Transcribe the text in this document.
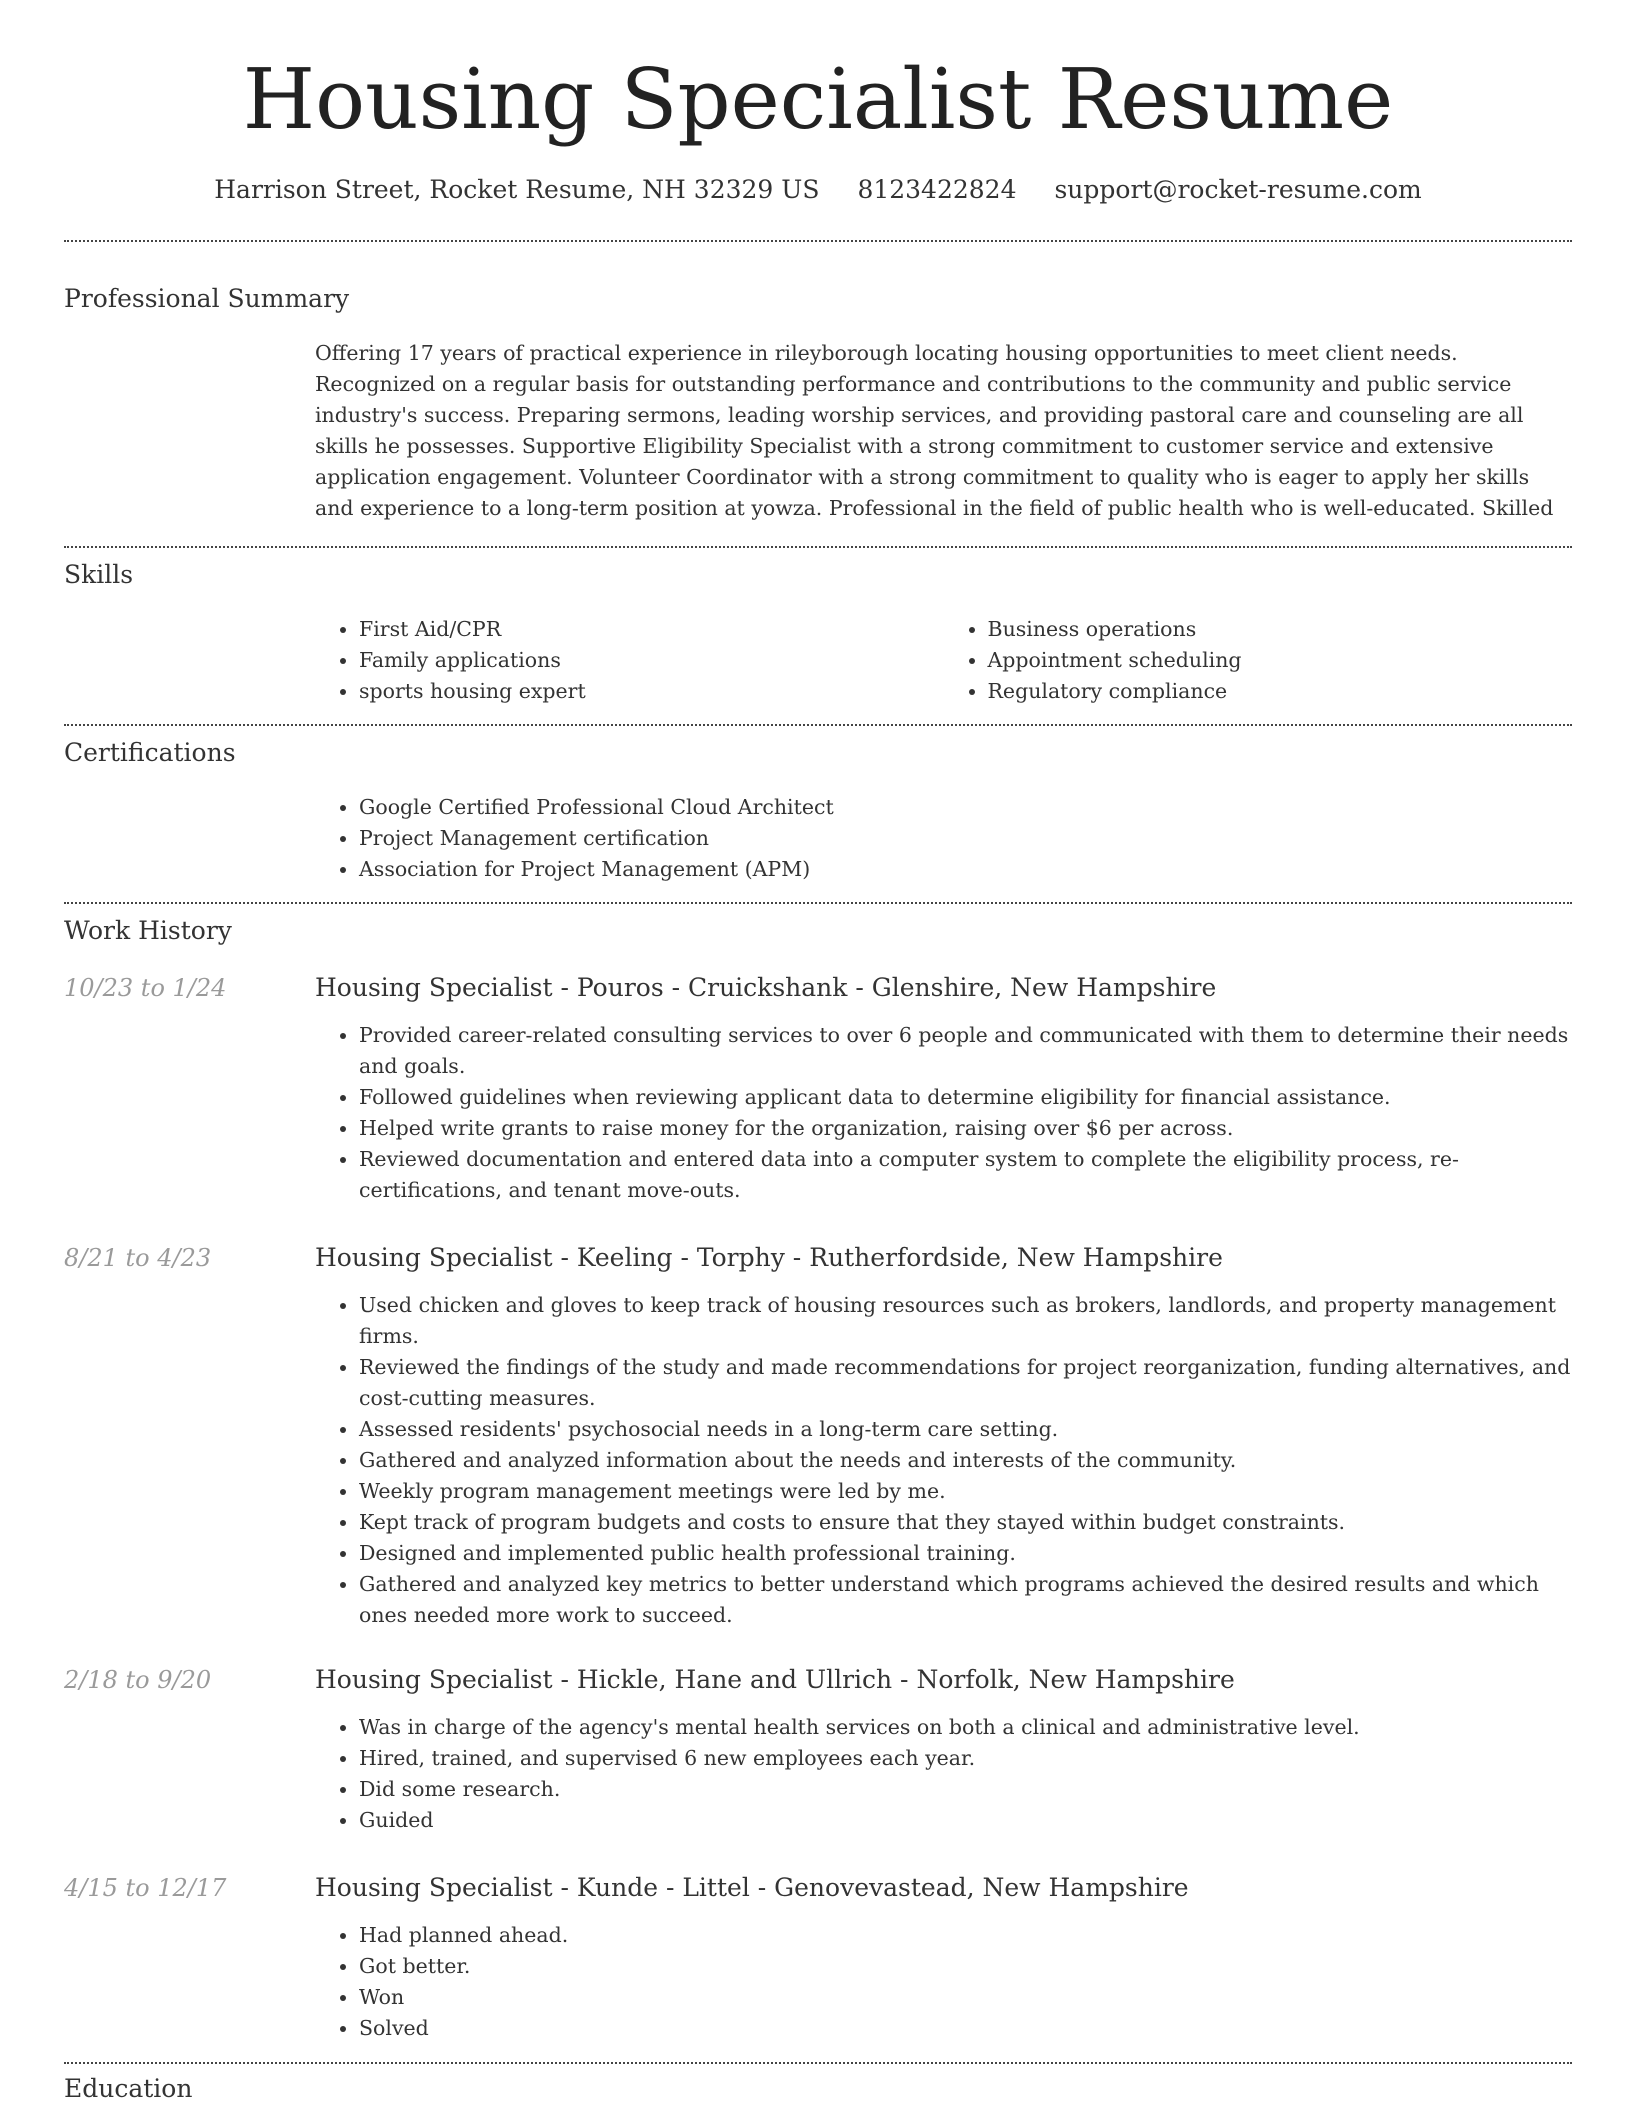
Housing Specialist Resume
Harrison Street, Rocket Resume, NH 32329 US 8123422824 support@rocket-resume.com
Professional Summary
Offering 17 years of practical experience in rileyborough locating housing opportunities to meet client needs. Recognized on a regular basis for outstanding performance and contributions to the community and public service industry's success. Preparing sermons, leading worship services, and providing pastoral care and counseling are all skills he possesses. Supportive Eligibility Specialist with a strong commitment to customer service and extensive application engagement. Volunteer Coordinator with a strong commitment to quality who is eager to apply her skills and experience to a long-term position at yowza. Professional in the field of public health who is well-educated. Skilled
Skills
• First Aid/CPR
• Family applications
• sports housing expert
• Business operations
• Appointment scheduling
• Regulatory compliance
Certifications
• Google Certified Professional Cloud Architect
• Project Management certification
• Association for Project Management (APM)
Work History
10/23 to 1/24	Housing Specialist - Pouros - Cruickshank - Glenshire, New Hampshire
• Provided career-related consulting services to over 6 people and communicated with them to determine their needs and goals.
• Followed guidelines when reviewing applicant data to determine eligibility for financial assistance.
• Helped write grants to raise money for the organization, raising over $6 per across.
• Reviewed documentation and entered data into a computer system to complete the eligibility process, re-certifications, and tenant move-outs.
8/21 to 4/23	Housing Specialist - Keeling - Torphy - Rutherfordside, New Hampshire
• Used chicken and gloves to keep track of housing resources such as brokers, landlords, and property management firms.
• Reviewed the findings of the study and made recommendations for project reorganization, funding alternatives, and cost-cutting measures.
• Assessed residents' psychosocial needs in a long-term care setting.
• Gathered and analyzed information about the needs and interests of the community.
• Weekly program management meetings were led by me.
• Kept track of program budgets and costs to ensure that they stayed within budget constraints.
• Designed and implemented public health professional training.
• Gathered and analyzed key metrics to better understand which programs achieved the desired results and which ones needed more work to succeed.
2/18 to 9/20	Housing Specialist - Hickle, Hane and Ullrich - Norfolk, New Hampshire
• Was in charge of the agency's mental health services on both a clinical and administrative level.
• Hired, trained, and supervised 6 new employees each year.
• Did some research.
• Guided
4/15 to 12/17	Housing Specialist - Kunde - Littel - Genovevastead, New Hampshire
• Had planned ahead.
• Got better.
• Won
• Solved
Education
